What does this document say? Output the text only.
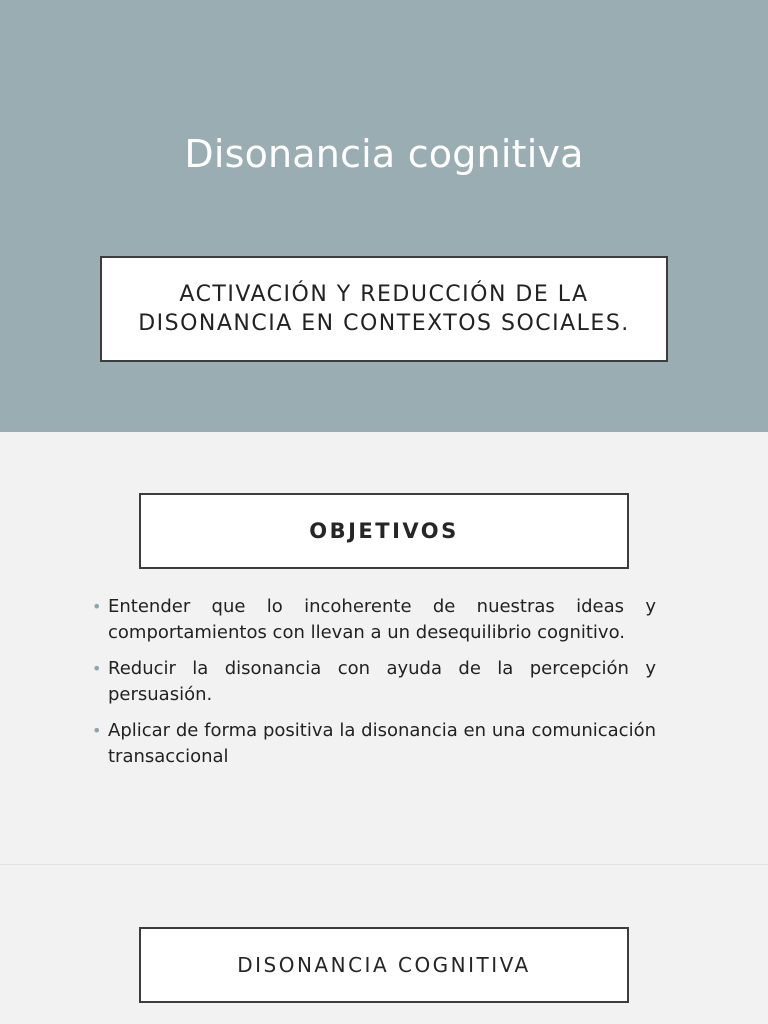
Disonancia cognitiva
ACTIVACIÓN Y REDUCCIÓN DE LA DISONANCIA EN CONTEXTOS SOCIALES.
OBJETIVOS
• Entender que lo incoherente de nuestras ideas y comportamientos con llevan a un desequilibrio cognitivo.
• Reducir la disonancia con ayuda de la percepción y persuasión.
• Aplicar de forma positiva la disonancia en una comunicación transaccional
DISONANCIA COGNITIVA
